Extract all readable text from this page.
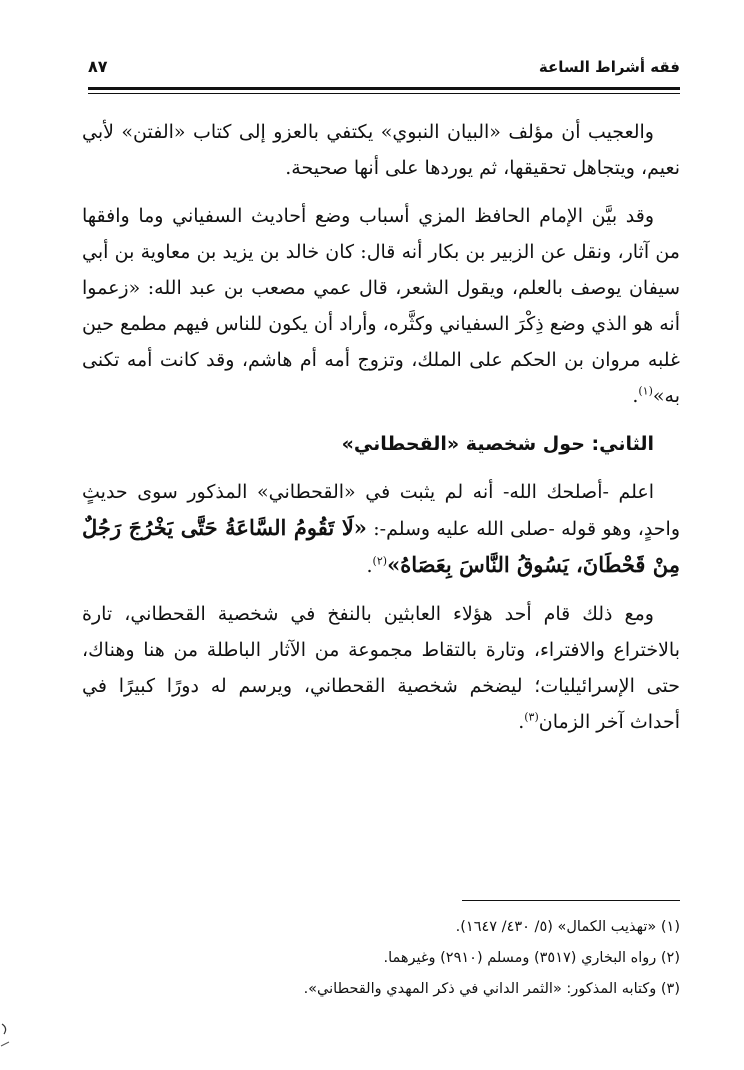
فقه أشراط الساعة
٨٧

والعجيب أن مؤلف «البيان النبوي» يكتفي بالعزو إلى كتاب «الفتن» لأبي نعيم، ويتجاهل تحقيقها، ثم يوردها على أنها صحيحة.

وقد بيَّن الإمام الحافظ المزي أسباب وضع أحاديث السفياني وما وافقها من آثار، ونقل عن الزبير بن بكار أنه قال: كان خالد بن يزيد بن معاوية بن أبي سيفان يوصف بالعلم، ويقول الشعر، قال عمي مصعب بن عبد الله: «زعموا أنه هو الذي وضع ذِكْرَ السفياني وكثَّره، وأراد أن يكون للناس فيهم مطمع حين غلبه مروان بن الحكم على الملك، وتزوج أمه أم هاشم، وقد كانت أمه تكنى به»$^{(١)}$.

الثاني: حول شخصية «القحطاني»

اعلم -أصلحك الله- أنه لم يثبت في «القحطاني» المذكور سوى حديثٍ واحدٍ، وهو قوله -صلى الله عليه وسلم-: «لَا تَقُومُ السَّاعَةُ حَتَّى يَخْرُجَ رَجُلٌ مِنْ قَحْطَانَ، يَسُوقُ النَّاسَ بِعَصَاهُ»$^{(٢)}$.

ومع ذلك قام أحد هؤلاء العابثين بالنفخ في شخصية القحطاني، تارة بالاختراع والافتراء، وتارة بالتقاط مجموعة من الآثار الباطلة من هنا وهناك، حتى الإسرائيليات؛ ليضخم شخصية القحطاني، ويرسم له دورًا كبيرًا في أحداث آخر الزمان$^{(٣)}$.

(١) «تهذيب الكمال» (٥/ ٤٣٠/ ١٦٤٧).
(٢) رواه البخاري (٣٥١٧) ومسلم (٢٩١٠) وغيرهما.
(٣) وكتابه المذكور: «الثمر الداني في ذكر المهدي والقحطاني».
